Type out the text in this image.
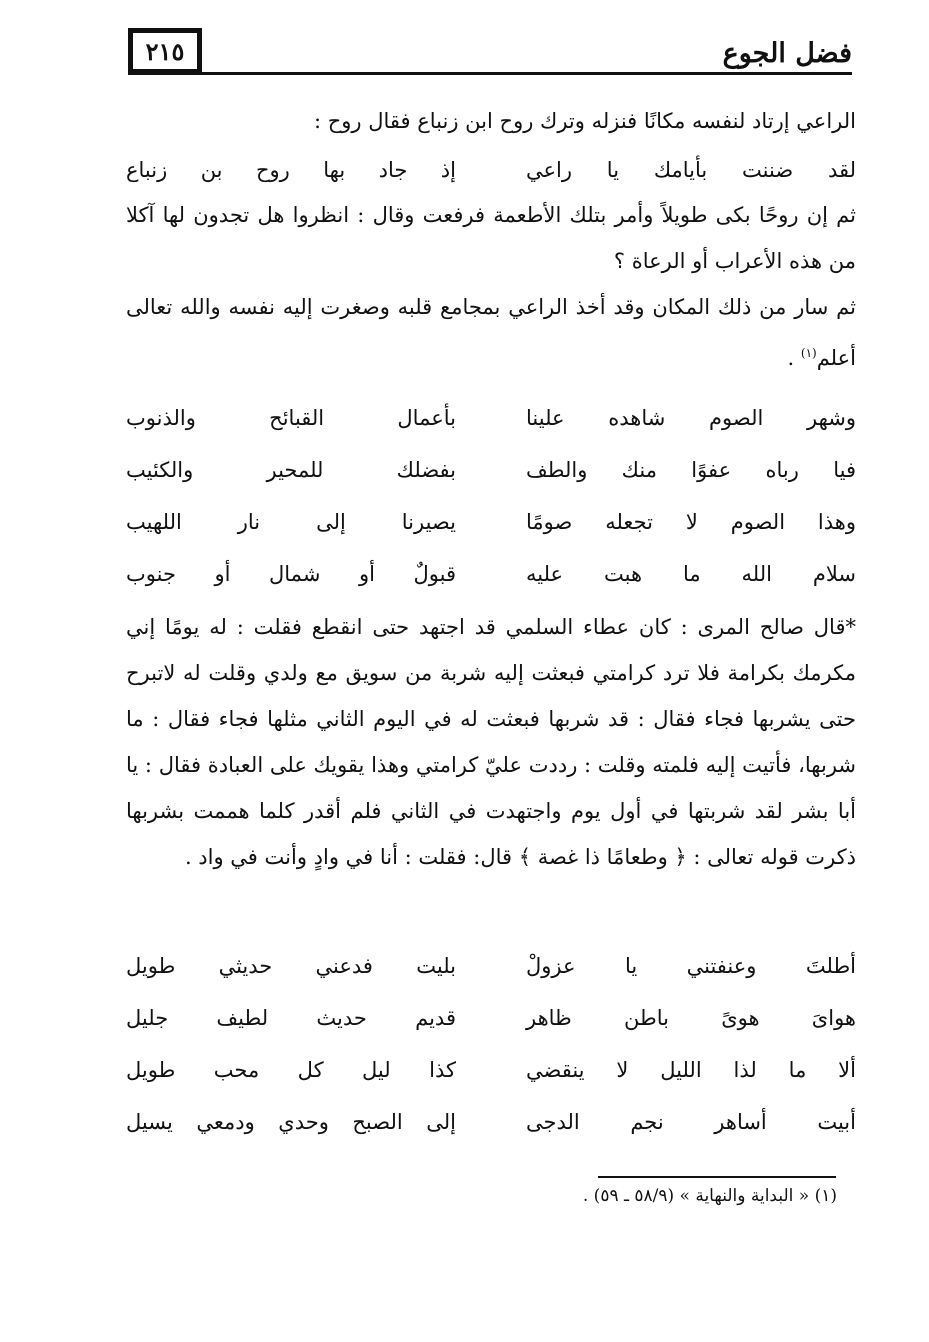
٢١٥	فضل الجوع
الراعي إرتاد لنفسه مكانًا فنزله وترك روح ابن زنباع فقال روح :
لقد ضننت بأيامك يا راعي
إذ جاد بها روح بن زنباع
ثم إن روحًا بكى طويلاً وأمر بتلك الأطعمة فرفعت وقال : انظروا هل تجدون لها آكلا من هذه الأعراب أو الرعاة ؟
ثم سار من ذلك المكان وقد أخذ الراعي بمجامع قلبه وصغرت إليه نفسه والله تعالى أعلم$^{(١)}$ .
وشهر الصوم شاهده علينا
بأعمال القبائح والذنوب
فيا رباه عفوًا منك والطف
بفضلك للمحير والكئيب
وهذا الصوم لا تجعله صومًا
يصيرنا إلى نار اللهيب
سلام الله ما هبت عليه
قبولٌ أو شمال أو جنوب
*قال صالح المرى : كان عطاء السلمي قد اجتهد حتى انقطع فقلت : له يومًا إني مكرمك بكرامة فلا ترد كرامتي فبعثت إليه شربة من سويق مع ولدي وقلت له لاتبرح حتى يشربها فجاء فقال : قد شربها فبعثت له في اليوم الثاني مثلها فجاء فقال : ما شربها، فأتيت إليه فلمته وقلت : رددت عليّ كرامتي وهذا يقويك على العبادة فقال : يا أبا بشر لقد شربتها في أول يوم واجتهدت في الثاني فلم أقدر كلما هممت بشربها ذكرت قوله تعالى : ﴿ وطعامًا ذا غصة ﴾ قال: فقلت : أنا في وادٍ وأنت في واد .
أطلتَ وعنفتني يا عزولْ
بليت فدعني حديثي طويل
هواىَ هوىً باطن ظاهر
قديم حديث لطيف جليل
ألا ما لذا الليل لا ينقضي
كذا ليل كل محب طويل
أبيت أساهر نجم الدجى
إلى الصبح وحدي ودمعي يسيل
(١) « البداية والنهاية » (٥٨/٩ ـ ٥٩) .
